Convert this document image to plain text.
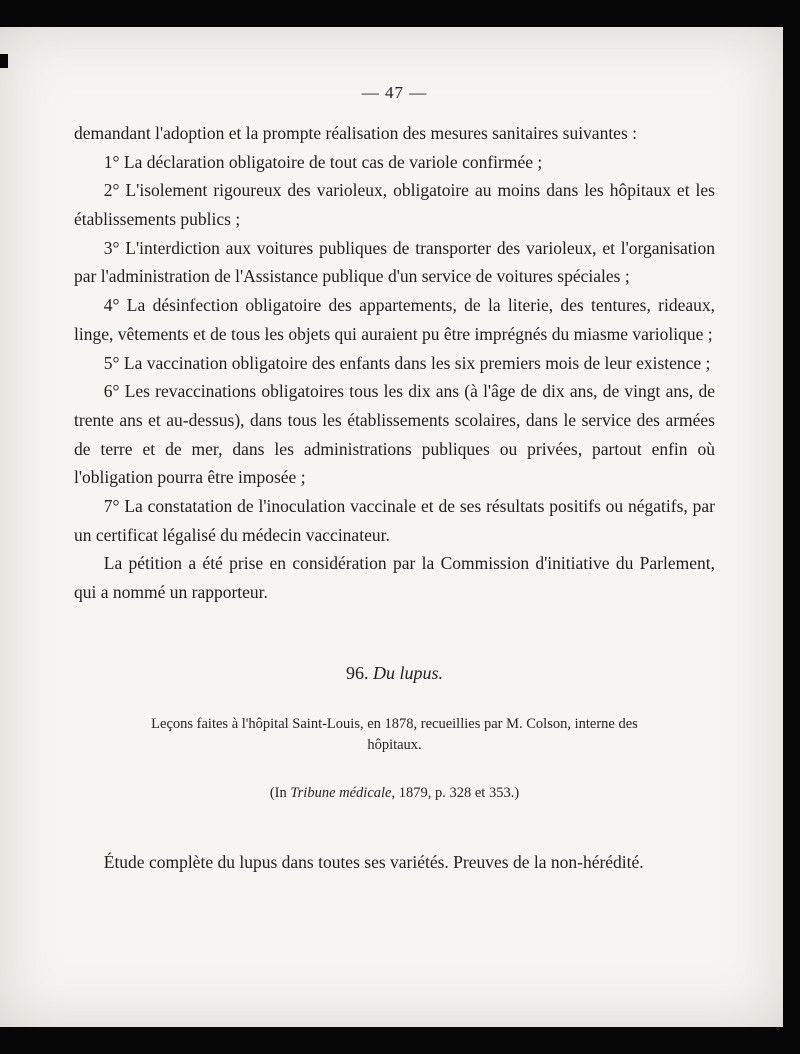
— 47 —

demandant l'adoption et la prompte réalisation des mesures sanitaires suivantes :

1° La déclaration obligatoire de tout cas de variole confirmée ;

2° L'isolement rigoureux des varioleux, obligatoire au moins dans les hôpitaux et les établissements publics ;

3° L'interdiction aux voitures publiques de transporter des varioleux, et l'organisation par l'administration de l'Assistance publique d'un service de voitures spéciales ;

4° La désinfection obligatoire des appartements, de la literie, des tentures, rideaux, linge, vêtements et de tous les objets qui auraient pu être imprégnés du miasme variolique ;

5° La vaccination obligatoire des enfants dans les six premiers mois de leur existence ;

6° Les revaccinations obligatoires tous les dix ans (à l'âge de dix ans, de vingt ans, de trente ans et au-dessus), dans tous les établissements scolaires, dans le service des armées de terre et de mer, dans les administrations publiques ou privées, partout enfin où l'obligation pourra être imposée ;

7° La constatation de l'inoculation vaccinale et de ses résultats positifs ou négatifs, par un certificat légalisé du médecin vaccinateur.

La pétition a été prise en considération par la Commission d'initiative du Parlement, qui a nommé un rapporteur.

96. Du lupus.

Leçons faites à l'hôpital Saint-Louis, en 1878, recueillies par M. Colson, interne des hôpitaux.

(In Tribune médicale, 1879, p. 328 et 353.)

Étude complète du lupus dans toutes ses variétés. Preuves de la non-hérédité.
